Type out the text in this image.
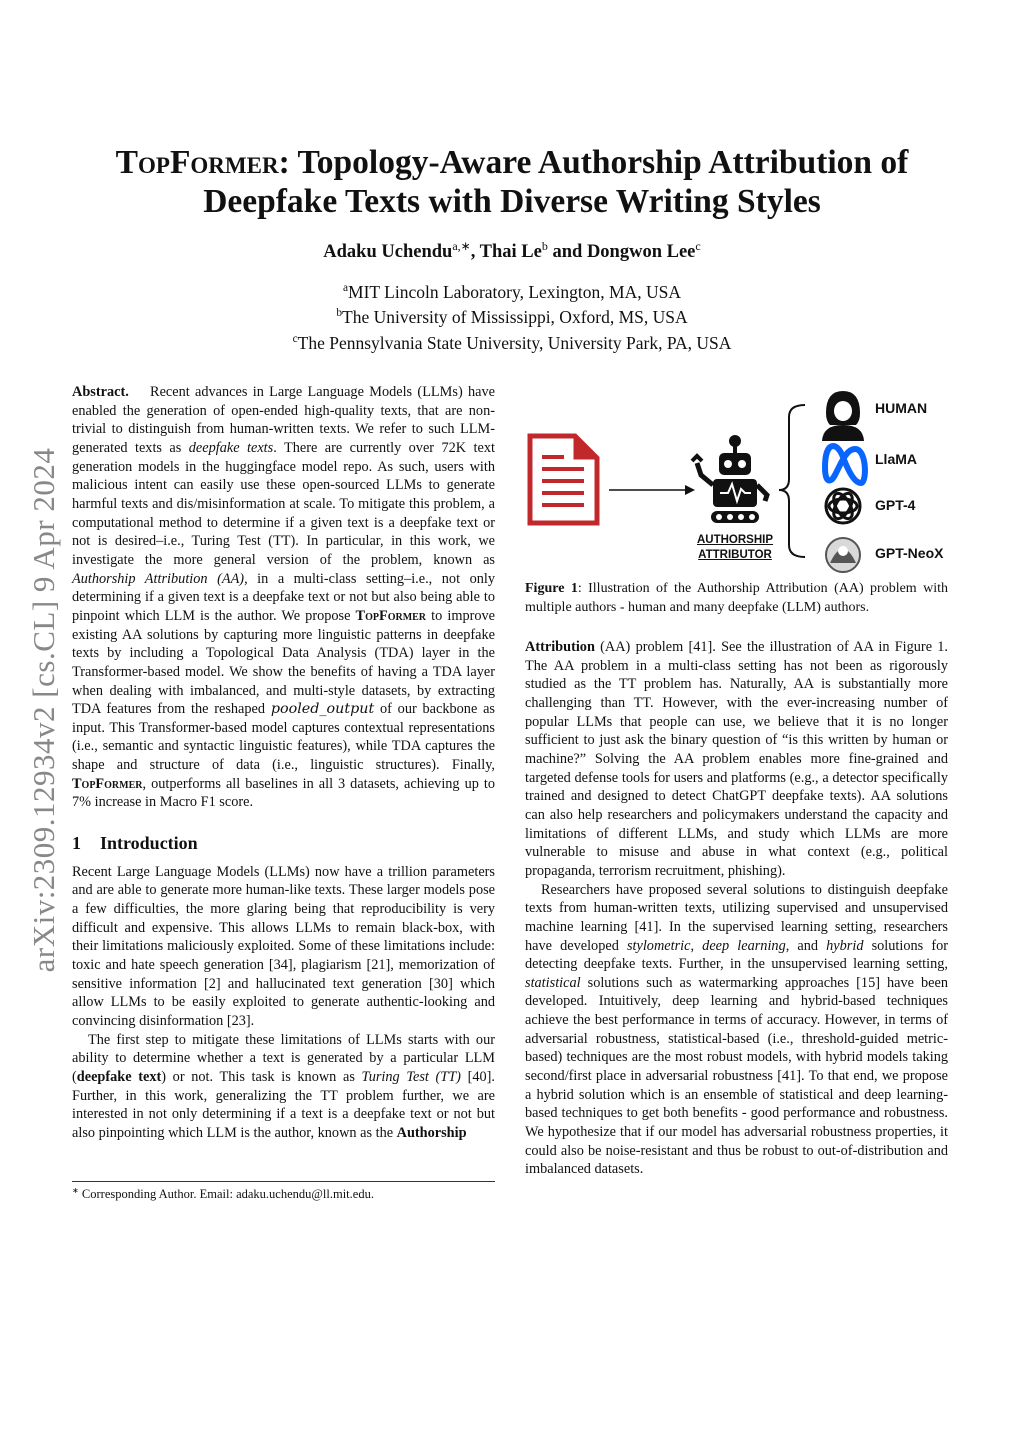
TopFormer: Topology-Aware Authorship Attribution of Deepfake Texts with Diverse Writing Styles
Adaku Uchendu$^{a,∗}$, Thai Le$^b$ and Dongwon Lee$^c$
$^a$MIT Lincoln Laboratory, Lexington, MA, USA
$^b$The University of Mississippi, Oxford, MS, USA
$^c$The Pennsylvania State University, University Park, PA, USA
arXiv:2309.12934v2 [cs.CL] 9 Apr 2024

Abstract. Recent advances in Large Language Models (LLMs) have enabled the generation of open-ended high-quality texts, that are non-trivial to distinguish from human-written texts. We refer to such LLM-generated texts as deepfake texts. There are currently over 72K text generation models in the huggingface model repo. As such, users with malicious intent can easily use these open-sourced LLMs to generate harmful texts and dis/misinformation at scale. To mitigate this problem, a computational method to determine if a given text is a deepfake text or not is desired–i.e., Turing Test (TT). In particular, in this work, we investigate the more general version of the problem, known as Authorship Attribution (AA), in a multi-class setting–i.e., not only determining if a given text is a deepfake text or not but also being able to pinpoint which LLM is the author. We propose TopFormer to improve existing AA solutions by capturing more linguistic patterns in deepfake texts by including a Topological Data Analysis (TDA) layer in the Transformer-based model. We show the benefits of having a TDA layer when dealing with imbalanced, and multi-style datasets, by extracting TDA features from the reshaped pooled_output of our backbone as input. This Transformer-based model captures contextual representations (i.e., semantic and syntactic linguistic features), while TDA captures the shape and structure of data (i.e., linguistic structures). Finally, TopFormer, outperforms all baselines in all 3 datasets, achieving up to 7% increase in Macro F1 score.

1 Introduction

Recent Large Language Models (LLMs) now have a trillion parameters and are able to generate more human-like texts. These larger models pose a few difficulties, the more glaring being that reproducibility is very difficult and expensive. This allows LLMs to remain black-box, with their limitations maliciously exploited. Some of these limitations include: toxic and hate speech generation [34], plagiarism [21], memorization of sensitive information [2] and hallucinated text generation [30] which allow LLMs to be easily exploited to generate authentic-looking and convincing disinformation [23].

The first step to mitigate these limitations of LLMs starts with our ability to determine whether a text is generated by a particular LLM (deepfake text) or not. This task is known as Turing Test (TT) [40]. Further, in this work, generalizing the TT problem further, we are interested in not only determining if a text is a deepfake text or not but also pinpointing which LLM is the author, known as the Authorship

∗ Corresponding Author. Email: adaku.uchendu@ll.mit.edu.
AUTHORSHIP
ATTRIBUTOR
HUMAN
LlaMA
GPT-4
GPT-NeoX
Figure 1: Illustration of the Authorship Attribution (AA) problem with multiple authors - human and many deepfake (LLM) authors.

Attribution (AA) problem [41]. See the illustration of AA in Figure 1. The AA problem in a multi-class setting has not been as rigorously studied as the TT problem has. Naturally, AA is substantially more challenging than TT. However, with the ever-increasing number of popular LLMs that people can use, we believe that it is no longer sufficient to just ask the binary question of “is this written by human or machine?” Solving the AA problem enables more fine-grained and targeted defense tools for users and platforms (e.g., a detector specifically trained and designed to detect ChatGPT deepfake texts). AA solutions can also help researchers and policymakers understand the capacity and limitations of different LLMs, and study which LLMs are more vulnerable to misuse and abuse in what context (e.g., political propaganda, terrorism recruitment, phishing).

Researchers have proposed several solutions to distinguish deepfake texts from human-written texts, utilizing supervised and unsupervised machine learning [41]. In the supervised learning setting, researchers have developed stylometric, deep learning, and hybrid solutions for detecting deepfake texts. Further, in the unsupervised learning setting, statistical solutions such as watermarking approaches [15] have been developed. Intuitively, deep learning and hybrid-based techniques achieve the best performance in terms of accuracy. However, in terms of adversarial robustness, statistical-based (i.e., threshold-guided metric-based) techniques are the most robust models, with hybrid models taking second/first place in adversarial robustness [41]. To that end, we propose a hybrid solution which is an ensemble of statistical and deep learning-based techniques to get both benefits - good performance and robustness. We hypothesize that if our model has adversarial robustness properties, it could also be noise-resistant and thus be robust to out-of-distribution and imbalanced datasets.
